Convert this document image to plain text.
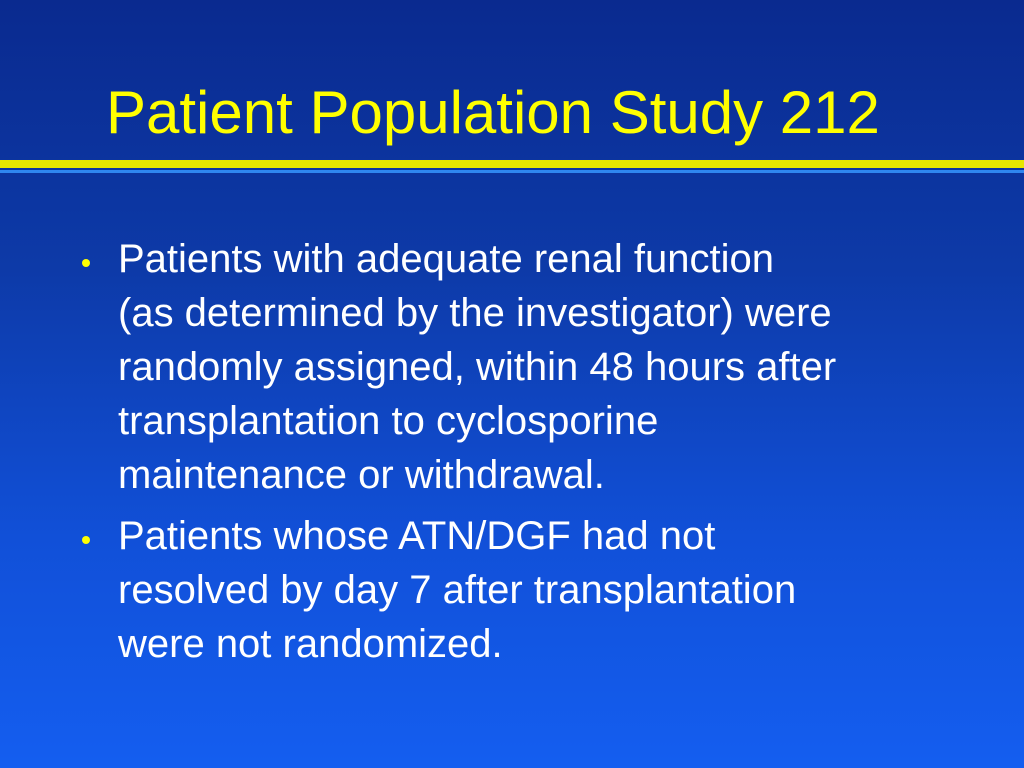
Patient Population Study 212
Patients with adequate renal function
(as determined by the investigator) were
randomly assigned, within 48 hours after
transplantation to cyclosporine
maintenance or withdrawal.
Patients whose ATN/DGF had not
resolved by day 7 after transplantation
were not randomized.
